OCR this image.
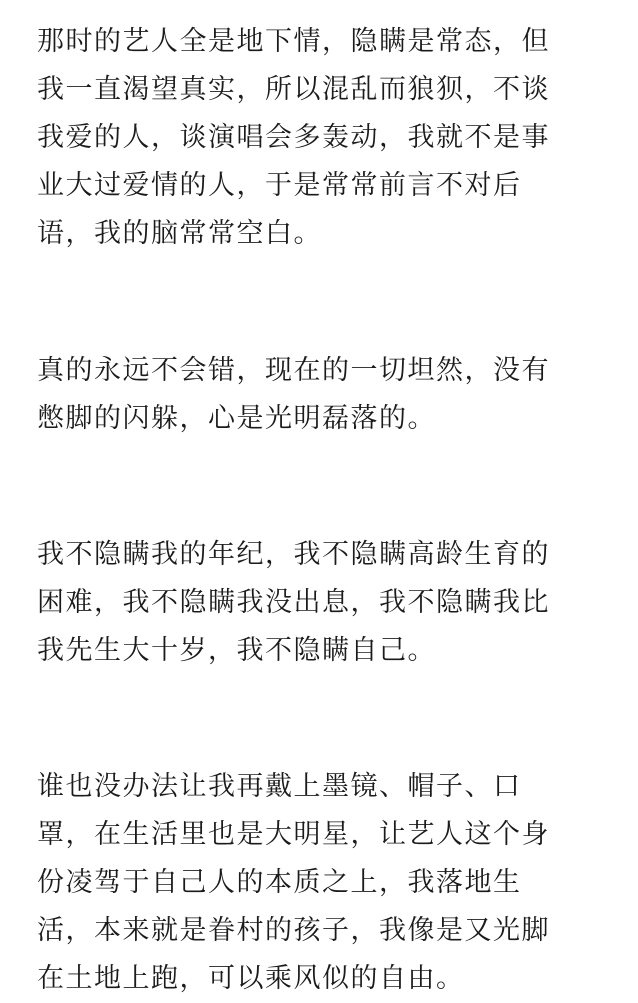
那时的艺人全是地下情，隐瞒是常态，但
我一直渴望真实，所以混乱而狼狈，不谈
我爱的人，谈演唱会多轰动，我就不是事
业大过爱情的人，于是常常前言不对后
语，我的脑常常空白。
真的永远不会错，现在的一切坦然，没有
憋脚的闪躲，心是光明磊落的。
我不隐瞒我的年纪，我不隐瞒高龄生育的
困难，我不隐瞒我没出息，我不隐瞒我比
我先生大十岁，我不隐瞒自己。
谁也没办法让我再戴上墨镜、帽子、口
罩，在生活里也是大明星，让艺人这个身
份凌驾于自己人的本质之上，我落地生
活，本来就是眷村的孩子，我像是又光脚
在土地上跑，可以乘风似的自由。
